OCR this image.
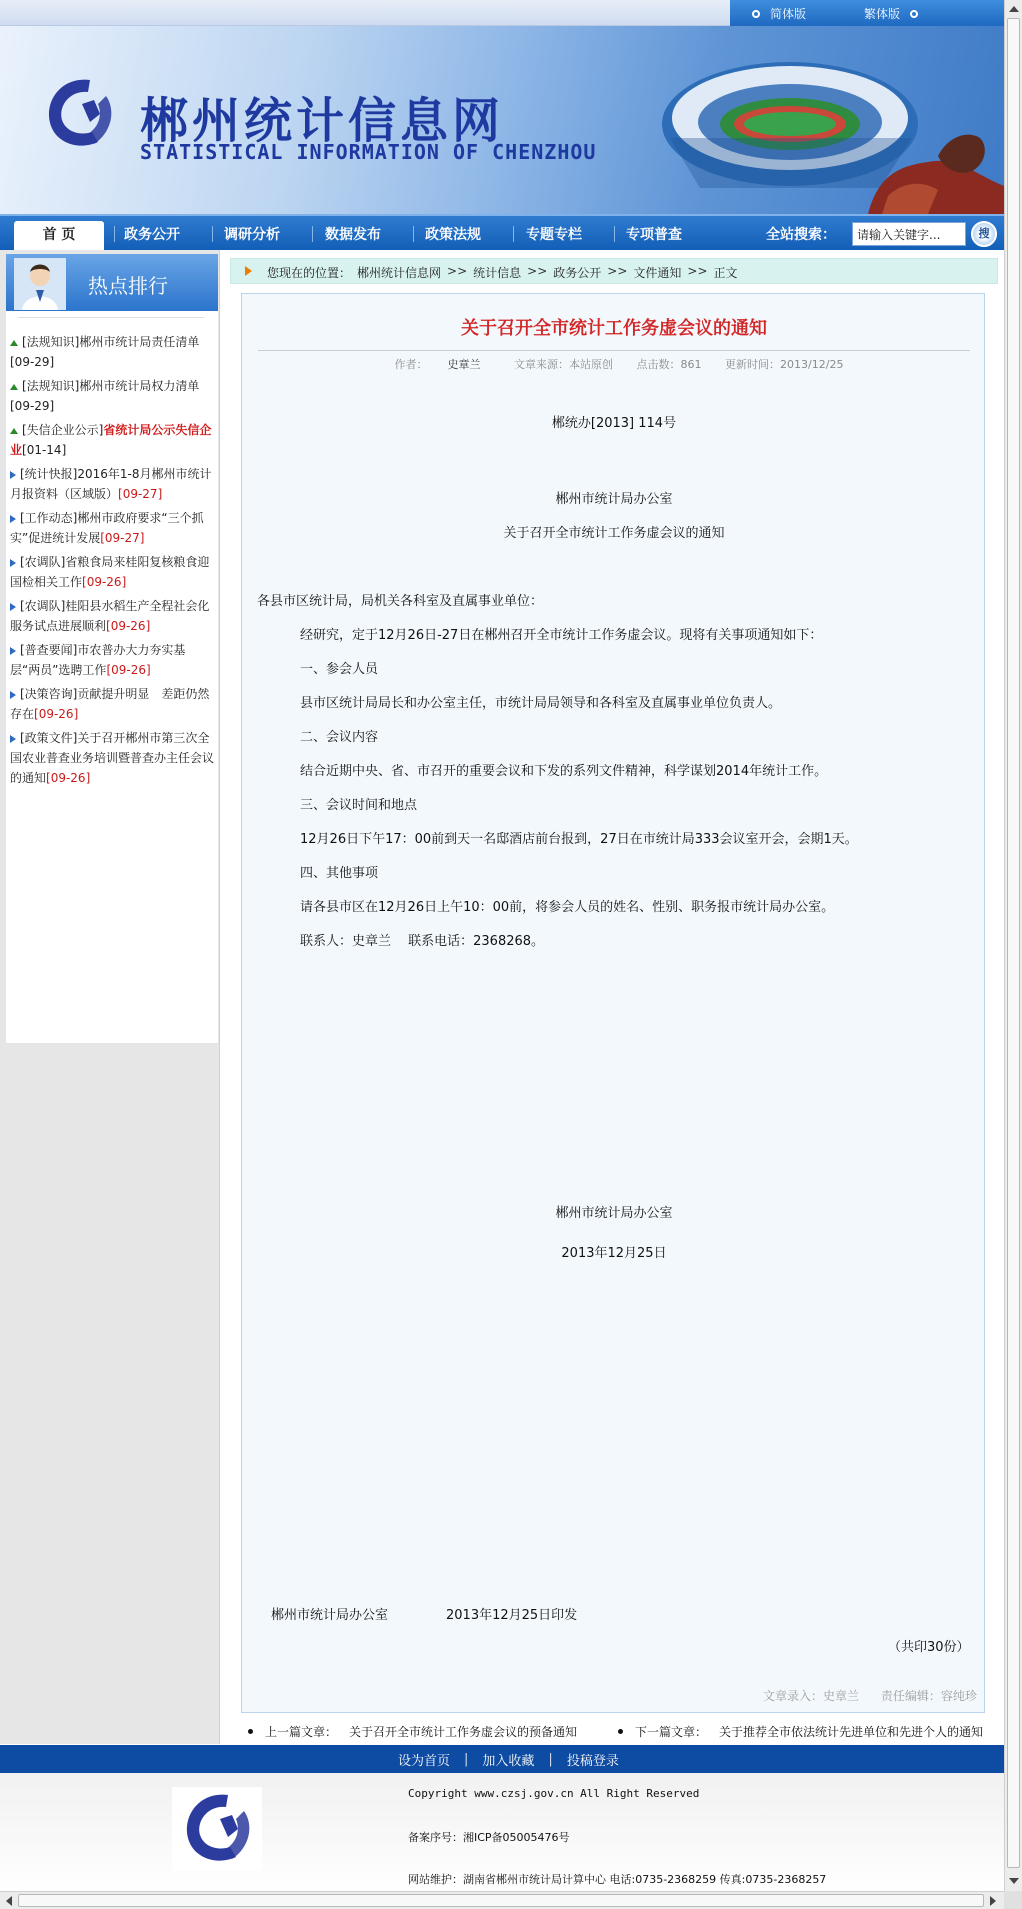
简体版	繁体版
郴州统计信息网
STATISTICAL INFORMATION OF CHENZHOU
首 页	政务公开	调研分析	数据发布	政策法规	专题专栏	专项普查	全站搜索：
请输入关键字...	搜
热点排行
[法规知识]郴州市统计局责任清单[09-29]
[法规知识]郴州市统计局权力清单[09-29]
[失信企业公示]省统计局公示失信企业[01-14]
[统计快报]2016年1-8月郴州市统计月报资料（区域版）[09-27]
[工作动态]郴州市政府要求“三个抓实”促进统计发展[09-27]
[农调队]省粮食局来桂阳复核粮食迎国检相关工作[09-26]
[农调队]桂阳县水稻生产全程社会化服务试点进展顺利[09-26]
[普查要闻]市农普办大力夯实基层“两员”选聘工作[09-26]
[决策咨询]贡献提升明显　差距仍然存在[09-26]
[政策文件]关于召开郴州市第三次全国农业普查业务培训暨普查办主任会议的通知[09-26]
您现在的位置： 郴州统计信息网 >> 统计信息 >> 政务公开 >> 文件通知 >> 正文
关于召开全市统计工作务虚会议的通知
作者： 史章兰	文章来源：本站原创 点击数：861 更新时间：2013/12/25
郴统办[2013] 114号
郴州市统计局办公室
关于召开全市统计工作务虚会议的通知
各县市区统计局，局机关各科室及直属事业单位：
经研究，定于12月26日-27日在郴州召开全市统计工作务虚会议。现将有关事项通知如下：
一、参会人员
县市区统计局局长和办公室主任，市统计局局领导和各科室及直属事业单位负责人。
二、会议内容
结合近期中央、省、市召开的重要会议和下发的系列文件精神，科学谋划2014年统计工作。
三、会议时间和地点
12月26日下午17：00前到天一名邸酒店前台报到，27日在市统计局333会议室开会，会期1天。
四、其他事项
请各县市区在12月26日上午10：00前，将参会人员的姓名、性别、职务报市统计局办公室。
联系人：史章兰　 联系电话：2368268。
郴州市统计局办公室
2013年12月25日
郴州市统计局办公室	2013年12月25日印发
（共印30份）
文章录入：史章兰 责任编辑：容纯珍
上一篇文章： 关于召开全市统计工作务虚会议的预备通知	下一篇文章： 关于推荐全市依法统计先进单位和先进个人的通知
设为首页 | 加入收藏 | 投稿登录
Copyright www.czsj.gov.cn All Right Reserved
备案序号：湘ICP备05005476号
网站维护：湖南省郴州市统计局计算中心 电话:0735-2368259 传真:0735-2368257
